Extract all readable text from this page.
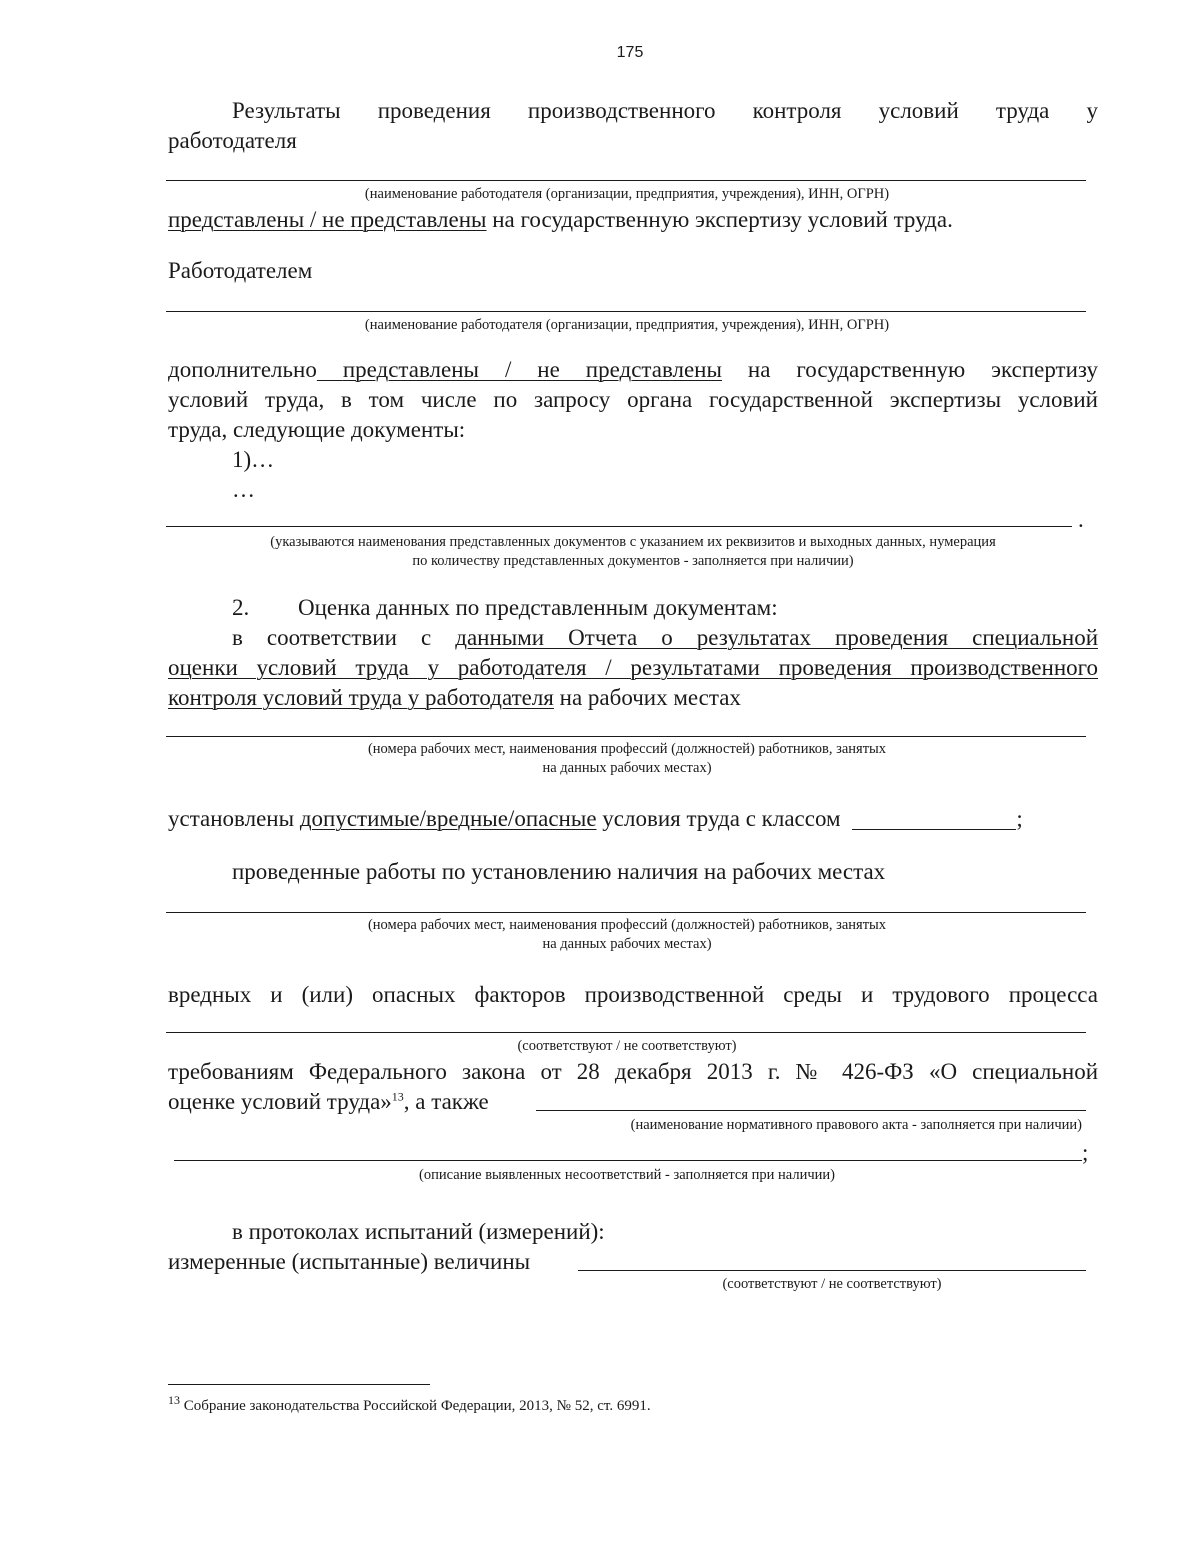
175
Результаты проведения производственного контроля условий труда у
работодателя
(наименование работодателя (организации, предприятия, учреждения), ИНН, ОГРН)
представлены / не представлены на государственную экспертизу условий труда.
Работодателем
(наименование работодателя (организации, предприятия, учреждения), ИНН, ОГРН)
дополнительно представлены / не представлены на государственную экспертизу
условий труда, в том числе по запросу органа государственной экспертизы условий
труда, следующие документы:
1)…
…
.
(указываются наименования представленных документов с указанием их реквизитов и выходных данных, нумерация
по количеству представленных документов - заполняется при наличии)
2. Оценка данных по представленным документам:
в соответствии с данными Отчета о результатах проведения специальной
оценки условий труда у работодателя / результатами проведения производственного
контроля условий труда у работодателя на рабочих местах
(номера рабочих мест, наименования профессий (должностей) работников, занятых
на данных рабочих местах)
установлены допустимые/вредные/опасные условия труда с классом	;
проведенные работы по установлению наличия на рабочих местах
(номера рабочих мест, наименования профессий (должностей) работников, занятых
на данных рабочих местах)
вредных и (или) опасных факторов производственной среды и трудового процесса
(соответствуют / не соответствуют)
требованиям Федерального закона от 28 декабря 2013 г. № 426-ФЗ «О специальной
оценке условий труда»$^{13}$, а также
(наименование нормативного правового акта - заполняется при наличии)
;
(описание выявленных несоответствий - заполняется при наличии)
в протоколах испытаний (измерений):
измеренные (испытанные) величины
(соответствуют / не соответствуют)
$^{13}$ Собрание законодательства Российской Федерации, 2013, № 52, ст. 6991.
